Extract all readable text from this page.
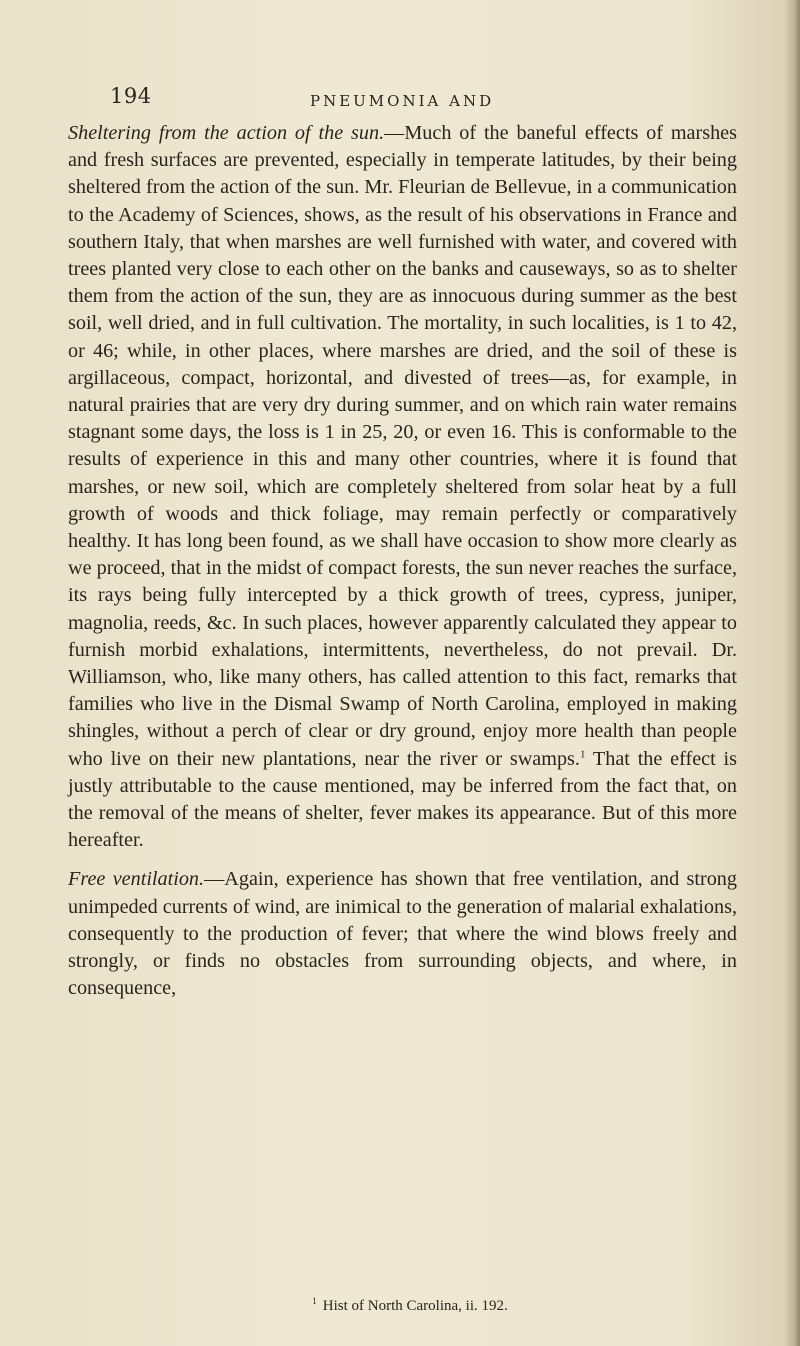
194	PNEUMONIA AND

Sheltering from the action of the sun.—Much of the baneful effects of marshes and fresh surfaces are prevented, especially in temperate latitudes, by their being sheltered from the action of the sun. Mr. Fleurian de Bellevue, in a communication to the Academy of Sciences, shows, as the result of his observations in France and southern Italy, that when marshes are well furnished with water, and covered with trees planted very close to each other on the banks and causeways, so as to shelter them from the action of the sun, they are as innocuous during summer as the best soil, well dried, and in full cultivation. The mortality, in such localities, is 1 to 42, or 46; while, in other places, where marshes are dried, and the soil of these is argillaceous, compact, horizontal, and divested of trees—as, for example, in natural prairies that are very dry during summer, and on which rain water remains stagnant some days, the loss is 1 in 25, 20, or even 16. This is conformable to the results of experience in this and many other countries, where it is found that marshes, or new soil, which are completely sheltered from solar heat by a full growth of woods and thick foliage, may remain perfectly or comparatively healthy. It has long been found, as we shall have occasion to show more clearly as we proceed, that in the midst of compact forests, the sun never reaches the surface, its rays being fully intercepted by a thick growth of trees, cypress, juniper, magnolia, reeds, &c. In such places, however apparently calculated they appear to furnish morbid exhalations, intermittents, nevertheless, do not prevail. Dr. Williamson, who, like many others, has called attention to this fact, remarks that families who live in the Dismal Swamp of North Carolina, employed in making shingles, without a perch of clear or dry ground, enjoy more health than people who live on their new plantations, near the river or swamps.$^1$ That the effect is justly attributable to the cause mentioned, may be inferred from the fact that, on the removal of the means of shelter, fever makes its appearance. But of this more hereafter.

Free ventilation.—Again, experience has shown that free ventilation, and strong unimpeded currents of wind, are inimical to the generation of malarial exhalations, consequently to the production of fever; that where the wind blows freely and strongly, or finds no obstacles from surrounding objects, and where, in consequence,

$^1$ Hist of North Carolina, ii. 192.
